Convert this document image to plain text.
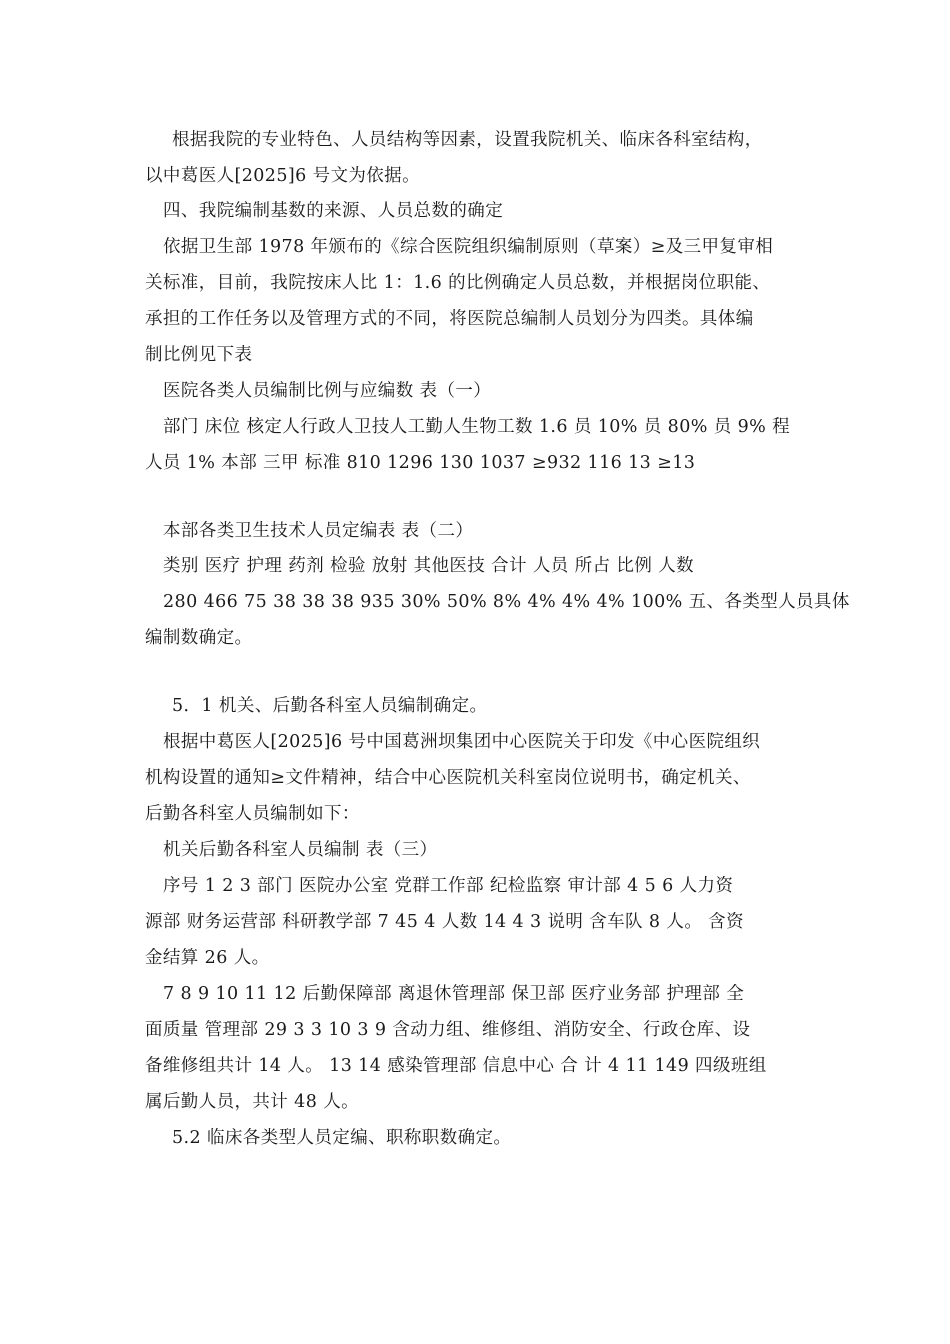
根据我院的专业特色、人员结构等因素，设置我院机关、临床各科室结构，
以中葛医人[2025]6 号文为依据。
四、我院编制基数的来源、人员总数的确定
依据卫生部 1978 年颁布的《综合医院组织编制原则（草案）≥及三甲复审相
关标准，目前，我院按床人比 1：1.6 的比例确定人员总数，并根据岗位职能、
承担的工作任务以及管理方式的不同，将医院总编制人员划分为四类。具体编
制比例见下表
医院各类人员编制比例与应编数 表（一）
部门 床位 核定人行政人卫技人工勤人生物工数 1.6 员 10% 员 80% 员 9% 程
人员 1% 本部 三甲 标准 810 1296 130 1037 ≥932 116 13 ≥13
本部各类卫生技术人员定编表 表（二）
类别 医疗 护理 药剂 检验 放射 其他医技 合计 人员 所占 比例 人数
280 466 75 38 38 38 935 30% 50% 8% 4% 4% 4% 100% 五、各类型人员具体
编制数确定。
5．1 机关、后勤各科室人员编制确定。
根据中葛医人[2025]6 号中国葛洲坝集团中心医院关于印发《中心医院组织
机构设置的通知≥文件精神，结合中心医院机关科室岗位说明书，确定机关、
后勤各科室人员编制如下：
机关后勤各科室人员编制 表（三）
序号 1 2 3 部门 医院办公室 党群工作部 纪检监察 审计部 4 5 6 人力资
源部 财务运营部 科研教学部 7 45 4 人数 14 4 3 说明 含车队 8 人。 含资
金结算 26 人。
7 8 9 10 11 12 后勤保障部 离退休管理部 保卫部 医疗业务部 护理部 全
面质量 管理部 29 3 3 10 3 9 含动力组、维修组、消防安全、行政仓库、设
备维修组共计 14 人。 13 14 感染管理部 信息中心 合 计 4 11 149 四级班组
属后勤人员，共计 48 人。
5.2 临床各类型人员定编、职称职数确定。
